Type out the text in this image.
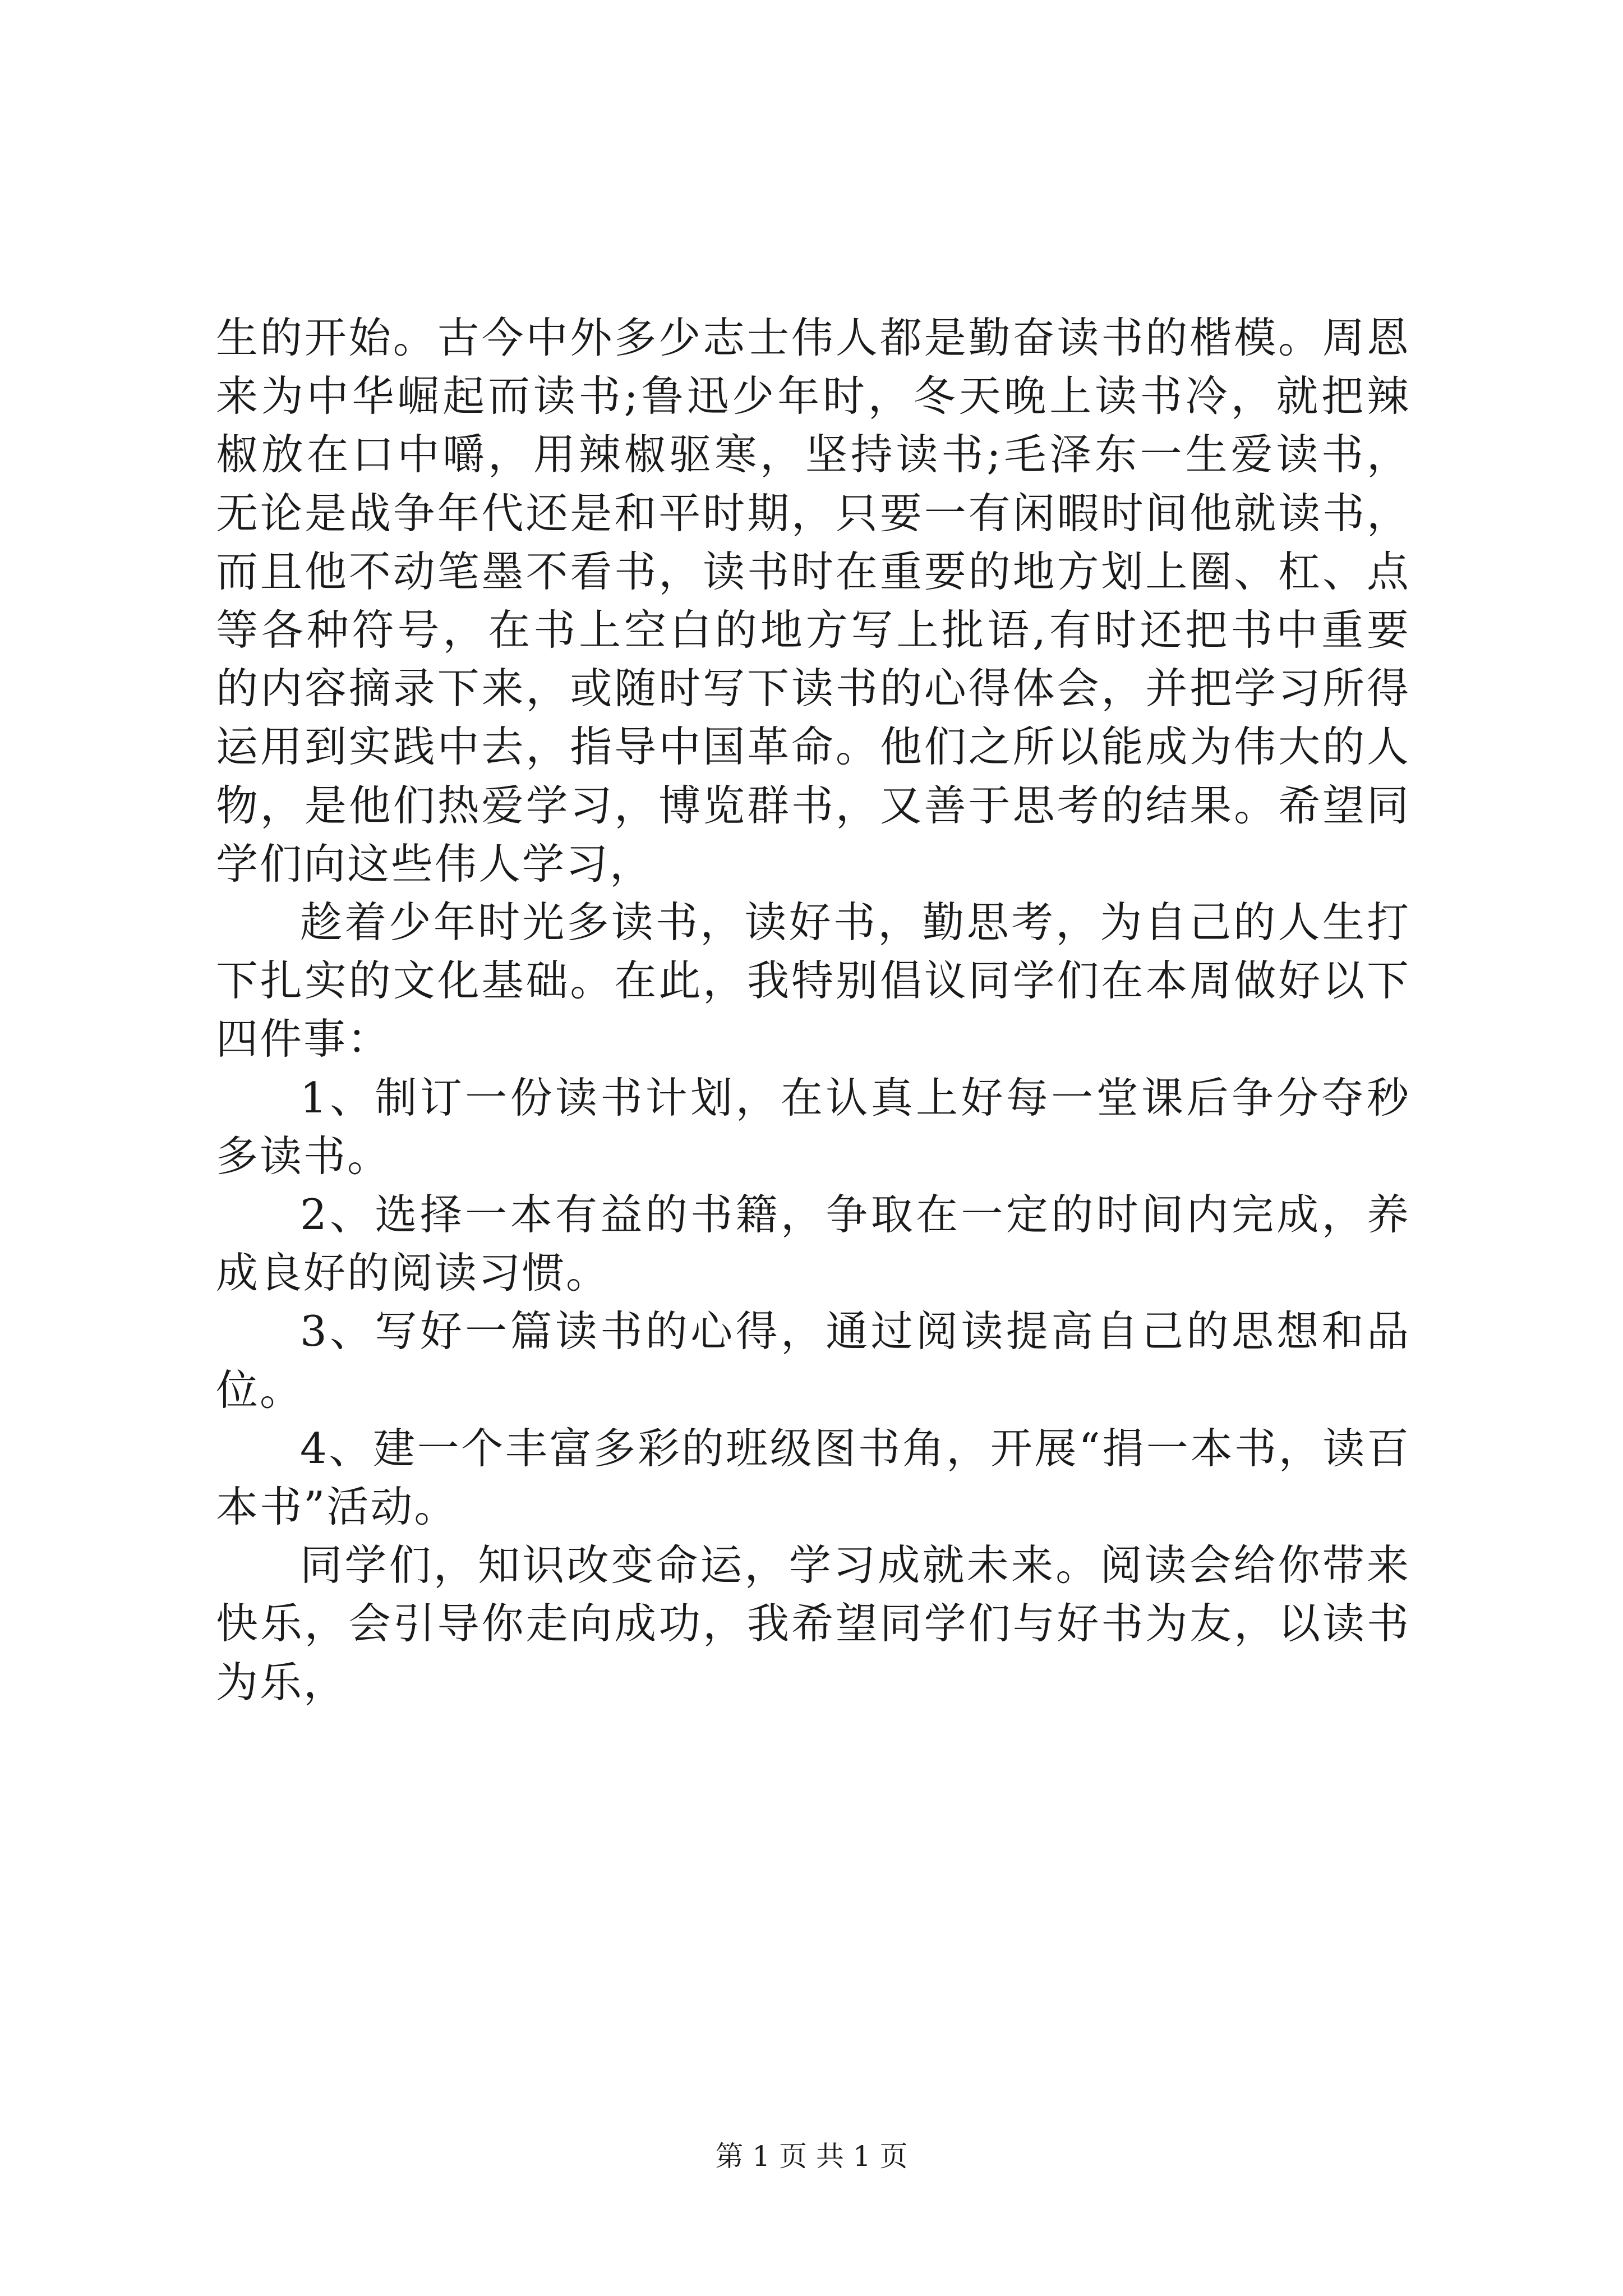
生的开始。古今中外多少志士伟人都是勤奋读书的楷模。周恩来为中华崛起而读书;鲁迅少年时，冬天晚上读书冷，就把辣椒放在口中嚼，用辣椒驱寒，坚持读书;毛泽东一生爱读书，无论是战争年代还是和平时期，只要一有闲暇时间他就读书，而且他不动笔墨不看书，读书时在重要的地方划上圈、杠、点等各种符号，在书上空白的地方写上批语,有时还把书中重要的内容摘录下来，或随时写下读书的心得体会，并把学习所得运用到实践中去，指导中国革命。他们之所以能成为伟大的人物，是他们热爱学习，博览群书，又善于思考的结果。希望同学们向这些伟人学习，

趁着少年时光多读书，读好书，勤思考，为自己的人生打下扎实的文化基础。在此，我特别倡议同学们在本周做好以下四件事：

1、制订一份读书计划，在认真上好每一堂课后争分夺秒多读书。

2、选择一本有益的书籍，争取在一定的时间内完成，养成良好的阅读习惯。

3、写好一篇读书的心得，通过阅读提高自己的思想和品位。

4、建一个丰富多彩的班级图书角，开展“捐一本书，读百本书”活动。

同学们，知识改变命运，学习成就未来。阅读会给你带来快乐，会引导你走向成功，我希望同学们与好书为友，以读书为乐，

第 1 页 共 1 页
